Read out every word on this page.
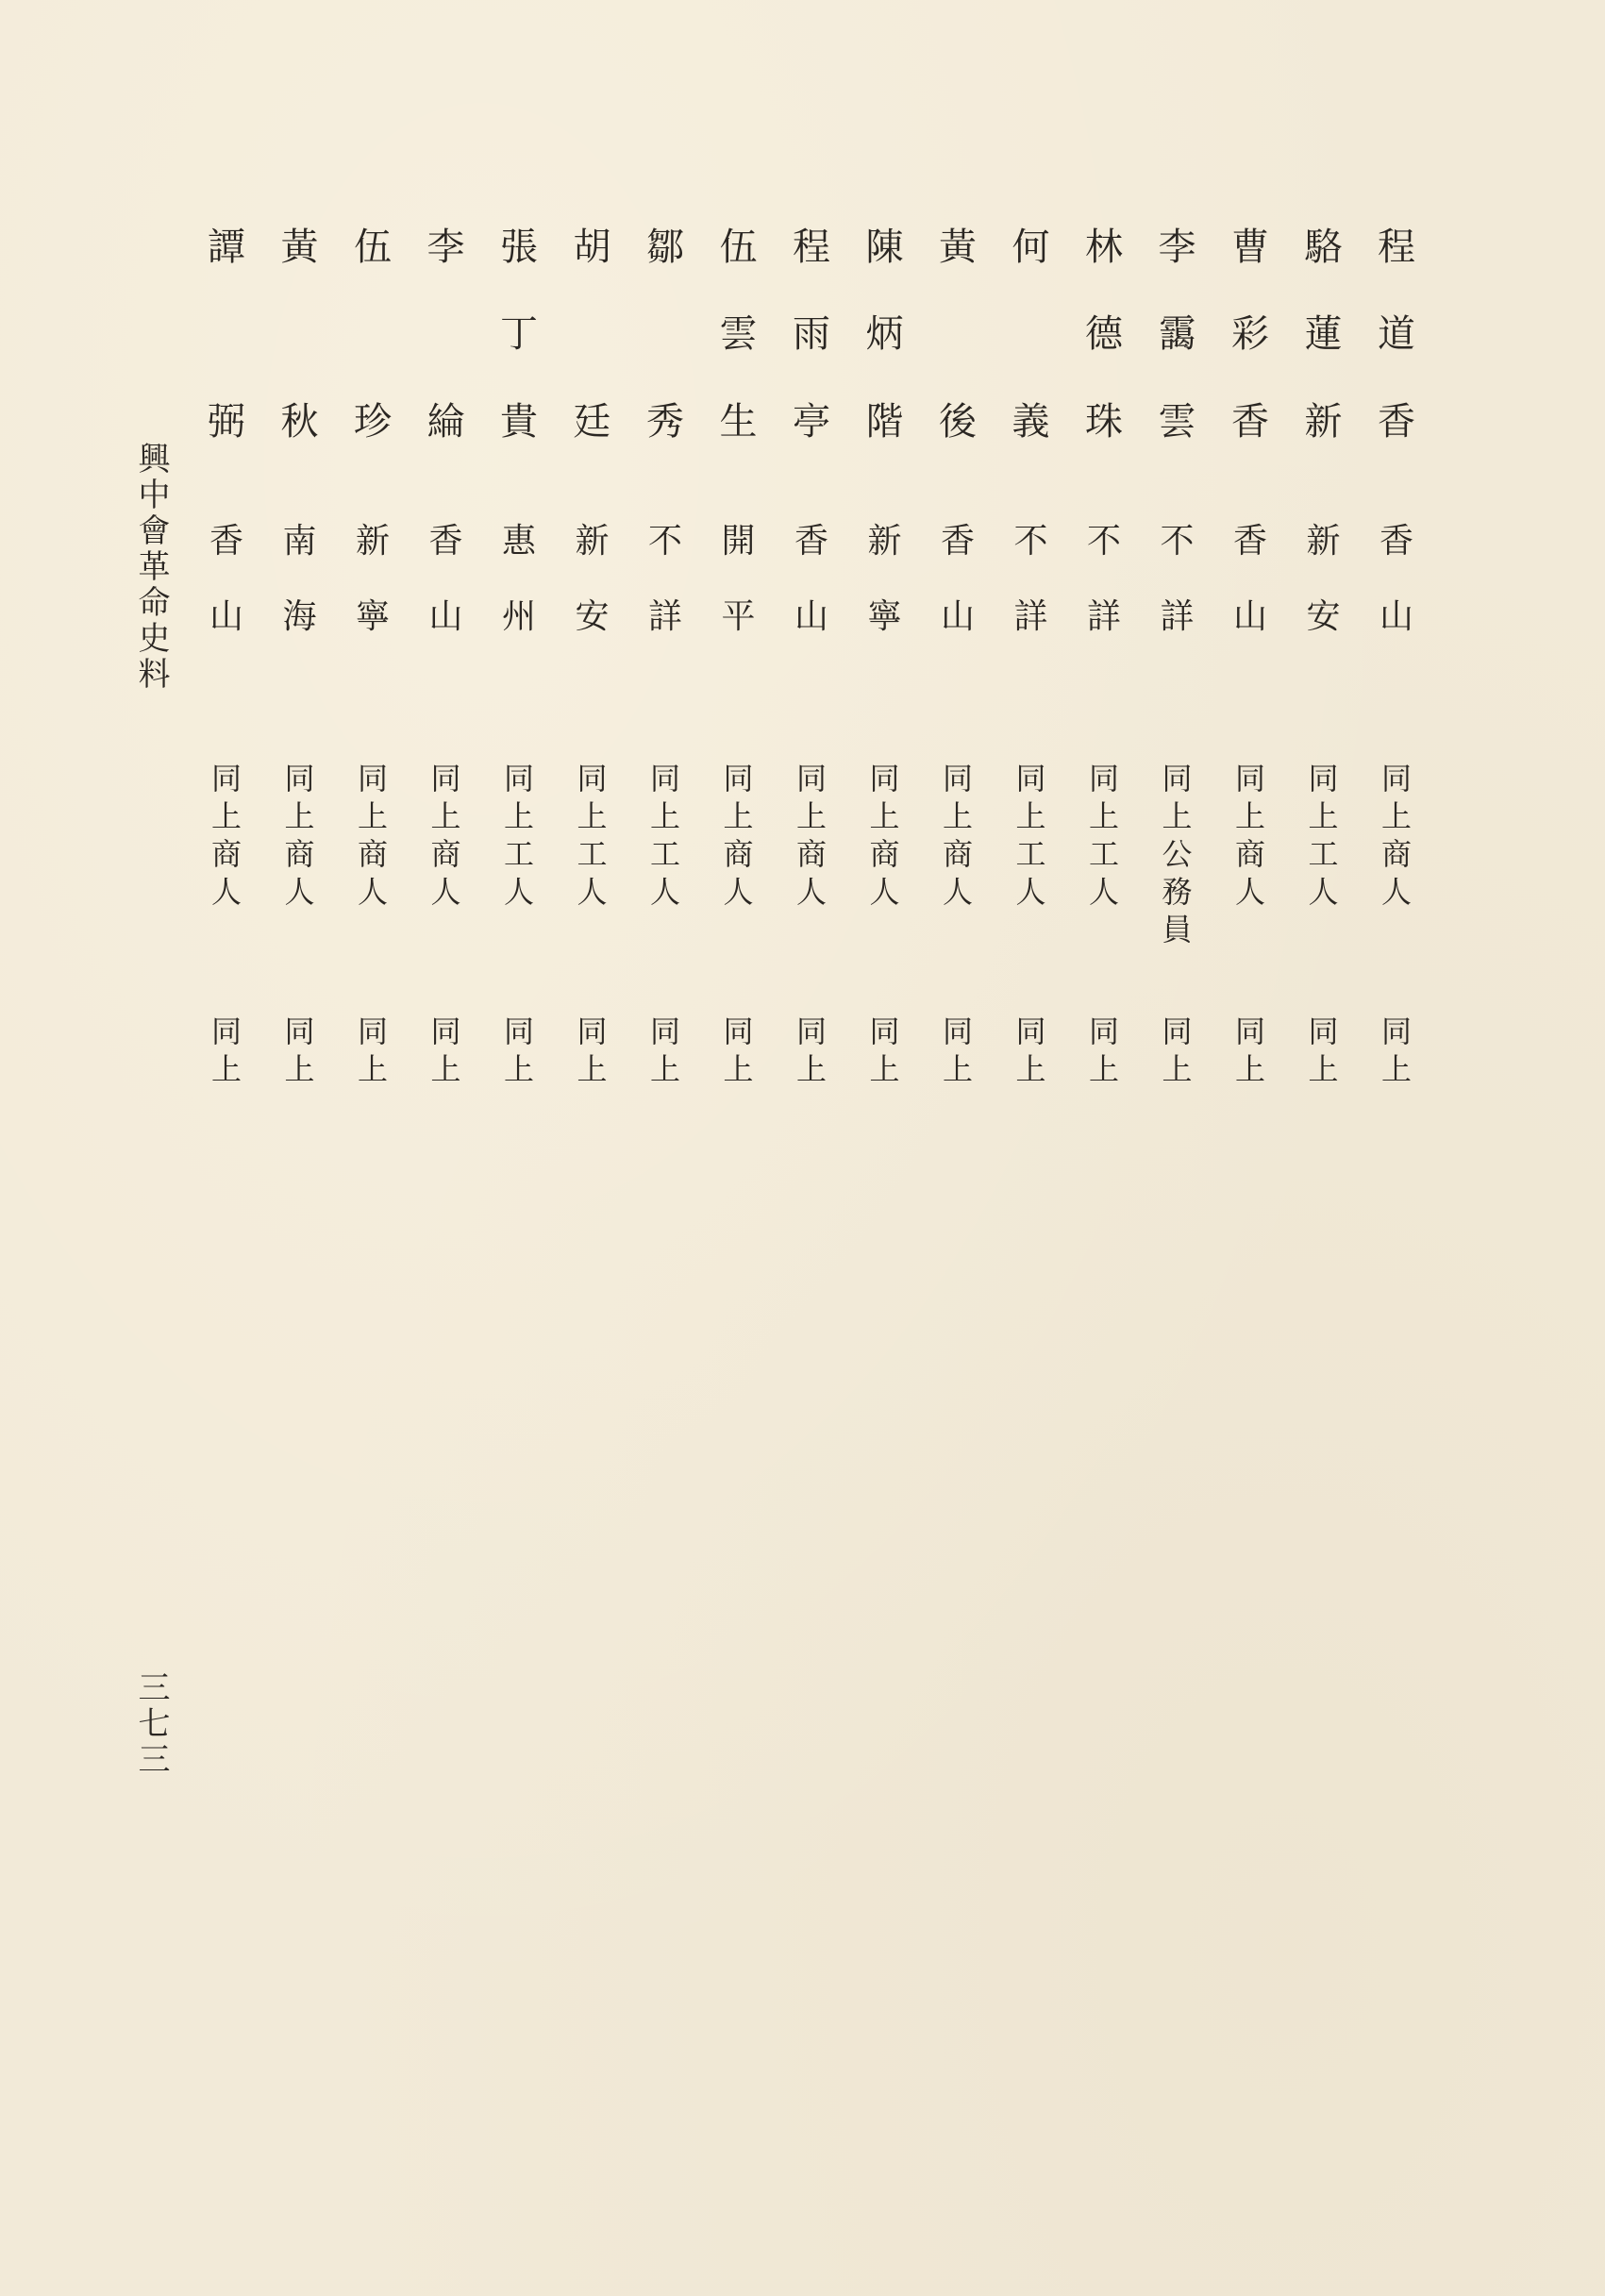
興中會革命史料
三七三
程
道
香
香
山
同
上
商
人
同
上
駱
蓮
新
新
安
同
上
工
人
同
上
曹
彩
香
香
山
同
上
商
人
同
上
李
靄
雲
不
詳
同
上
公
務
員
同
上
林
德
珠
不
詳
同
上
工
人
同
上
何
義
不
詳
同
上
工
人
同
上
黃
後
香
山
同
上
商
人
同
上
陳
炳
階
新
寧
同
上
商
人
同
上
程
雨
亭
香
山
同
上
商
人
同
上
伍
雲
生
開
平
同
上
商
人
同
上
鄒
秀
不
詳
同
上
工
人
同
上
胡
廷
新
安
同
上
工
人
同
上
張
丁
貴
惠
州
同
上
工
人
同
上
李
綸
香
山
同
上
商
人
同
上
伍
珍
新
寧
同
上
商
人
同
上
黃
秋
南
海
同
上
商
人
同
上
譚
弼
香
山
同
上
商
人
同
上
